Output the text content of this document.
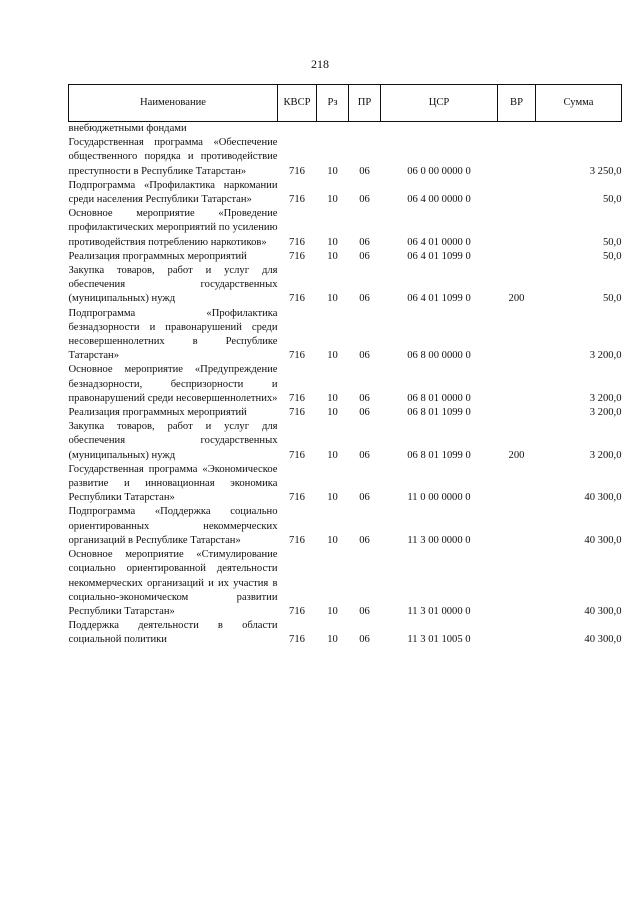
218
Наименование	КВСР	Рз	ПР	ЦСР	ВР	Сумма

внебюджетными фондами						

Государственная программа «Обеспечение общественного порядка и противодействие преступности в Республике Татарстан»	716	10	06	06 0 00 0000 0		3 250,0

Подпрограмма «Профилактика наркомании среди населения Республики Татарстан»	716	10	06	06 4 00 0000 0		50,0

Основное мероприятие «Проведение профилактических мероприятий по усилению противодействия потреблению наркотиков»	716	10	06	06 4 01 0000 0		50,0

Реализация программных мероприятий	716	10	06	06 4 01 1099 0		50,0

Закупка товаров, работ и услуг для обеспечения государственных (муниципальных) нужд	716	10	06	06 4 01 1099 0	200	50,0

Подпрограмма «Профилактика безнадзорности и правонарушений среди несовершеннолетних в Республике Татарстан»	716	10	06	06 8 00 0000 0		3 200,0

Основное мероприятие «Предупреждение безнадзорности, беспризорности и правонарушений среди несовершеннолетних»	716	10	06	06 8 01 0000 0		3 200,0

Реализация программных мероприятий	716	10	06	06 8 01 1099 0		3 200,0

Закупка товаров, работ и услуг для обеспечения государственных (муниципальных) нужд	716	10	06	06 8 01 1099 0	200	3 200,0

Государственная программа «Экономическое развитие и инновационная экономика Республики Татарстан»	716	10	06	11 0 00 0000 0		40 300,0

Подпрограмма «Поддержка социально ориентированных некоммерческих организаций в Республике Татарстан»	716	10	06	11 3 00 0000 0		40 300,0

Основное мероприятие «Стимулирование социально ориентированной деятельности некоммерческих организаций и их участия в социально-экономическом развитии Республики Татарстан»	716	10	06	11 3 01 0000 0		40 300,0

Поддержка деятельности в области социальной политики	716	10	06	11 3 01 1005 0		40 300,0
